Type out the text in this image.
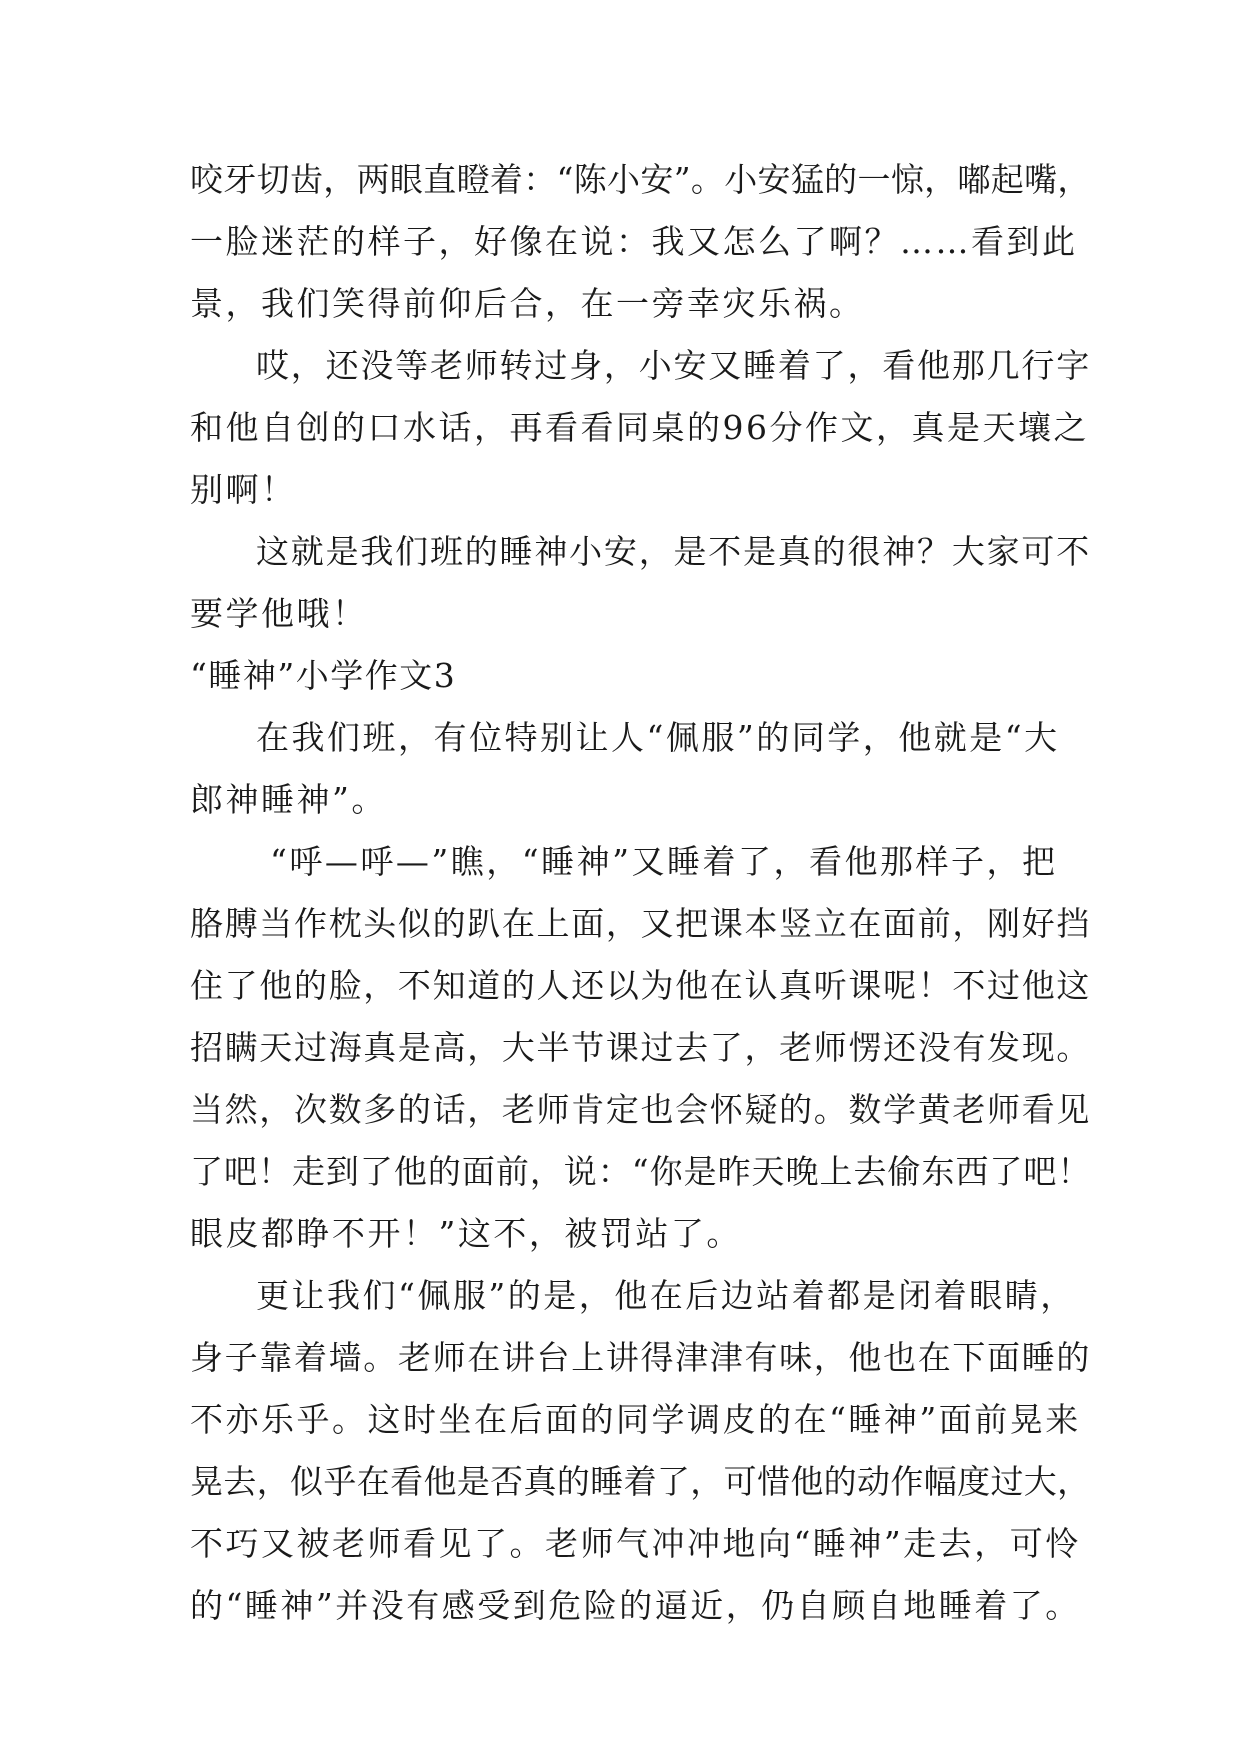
咬牙切齿，两眼直瞪着：“陈小安”。小安猛的一惊，嘟起嘴，
一脸迷茫的样子，好像在说：我又怎么了啊？……看到此
景，我们笑得前仰后合，在一旁幸灾乐祸。
哎，还没等老师转过身，小安又睡着了，看他那几行字
和他自创的口水话，再看看同桌的96分作文，真是天壤之
别啊！
这就是我们班的睡神小安，是不是真的很神？大家可不
要学他哦！
“睡神”小学作文3
在我们班，有位特别让人“佩服”的同学，他就是“大
郎神睡神”。
“呼—呼—”瞧，“睡神”又睡着了，看他那样子，把
胳膊当作枕头似的趴在上面，又把课本竖立在面前，刚好挡
住了他的脸，不知道的人还以为他在认真听课呢！不过他这
招瞒天过海真是高，大半节课过去了，老师愣还没有发现。
当然，次数多的话，老师肯定也会怀疑的。数学黄老师看见
了吧！走到了他的面前，说：“你是昨天晚上去偷东西了吧！
眼皮都睁不开！”这不，被罚站了。
更让我们“佩服”的是，他在后边站着都是闭着眼睛，
身子靠着墙。老师在讲台上讲得津津有味，他也在下面睡的
不亦乐乎。这时坐在后面的同学调皮的在“睡神”面前晃来
晃去，似乎在看他是否真的睡着了，可惜他的动作幅度过大，
不巧又被老师看见了。老师气冲冲地向“睡神”走去，可怜
的“睡神”并没有感受到危险的逼近，仍自顾自地睡着了。
